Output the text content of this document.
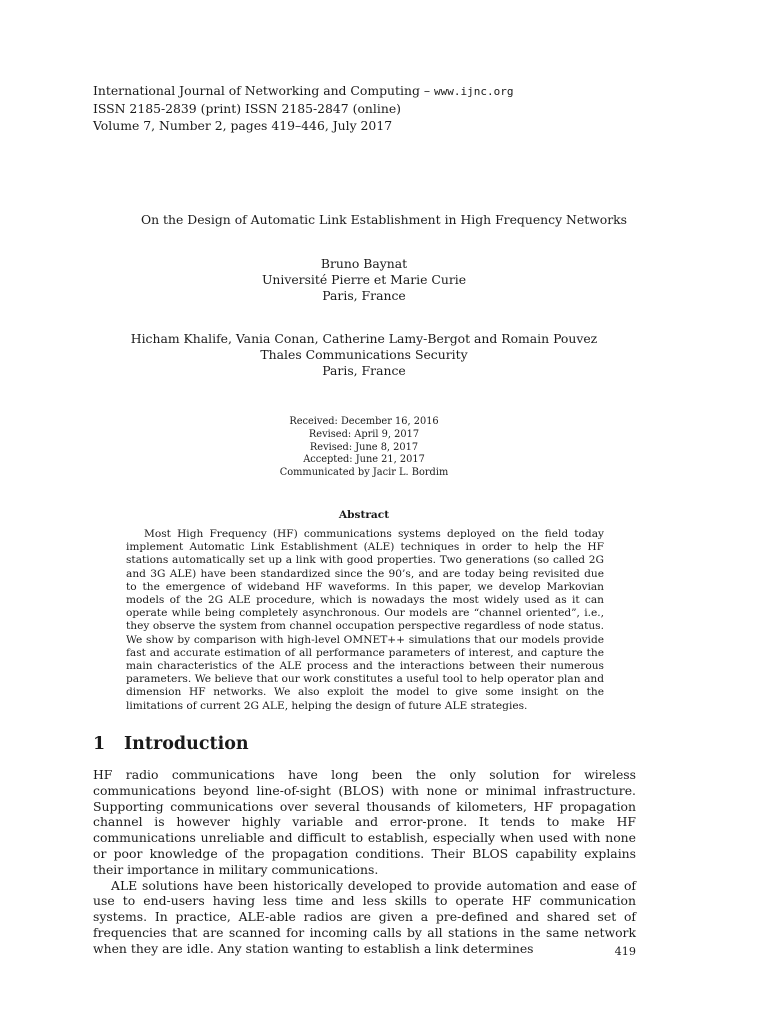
International Journal of Networking and Computing – www.ijnc.org
ISSN 2185-2839 (print) ISSN 2185-2847 (online)
Volume 7, Number 2, pages 419–446, July 2017
On the Design of Automatic Link Establishment in High Frequency Networks
Bruno Baynat
Université Pierre et Marie Curie
Paris, France
Hicham Khalife, Vania Conan, Catherine Lamy-Bergot and Romain Pouvez
Thales Communications Security
Paris, France
Received: December 16, 2016
Revised: April 9, 2017
Revised: June 8, 2017
Accepted: June 21, 2017
Communicated by Jacir L. Bordim
Abstract
Most High Frequency (HF) communications systems deployed on the field today implement Automatic Link Establishment (ALE) techniques in order to help the HF stations automatically set up a link with good properties. Two generations (so called 2G and 3G ALE) have been standardized since the 90’s, and are today being revisited due to the emergence of wideband HF waveforms. In this paper, we develop Markovian models of the 2G ALE procedure, which is nowadays the most widely used as it can operate while being completely asynchronous. Our models are “channel oriented”, i.e., they observe the system from channel occupation perspective regardless of node status. We show by comparison with high-level OMNET++ simulations that our models provide fast and accurate estimation of all performance parameters of interest, and capture the main characteristics of the ALE process and the interactions between their numerous parameters. We believe that our work constitutes a useful tool to help operator plan and dimension HF networks. We also exploit the model to give some insight on the limitations of current 2G ALE, helping the design of future ALE strategies.
1 Introduction

HF radio communications have long been the only solution for wireless communications beyond line-of-sight (BLOS) with none or minimal infrastructure. Supporting communications over several thousands of kilometers, HF propagation channel is however highly variable and error-prone. It tends to make HF communications unreliable and difficult to establish, especially when used with none or poor knowledge of the propagation conditions. Their BLOS capability explains their importance in military communications.

ALE solutions have been historically developed to provide automation and ease of use to end-users having less time and less skills to operate HF communication systems. In practice, ALE-able radios are given a pre-defined and shared set of frequencies that are scanned for incoming calls by all stations in the same network when they are idle. Any station wanting to establish a link determines	419
